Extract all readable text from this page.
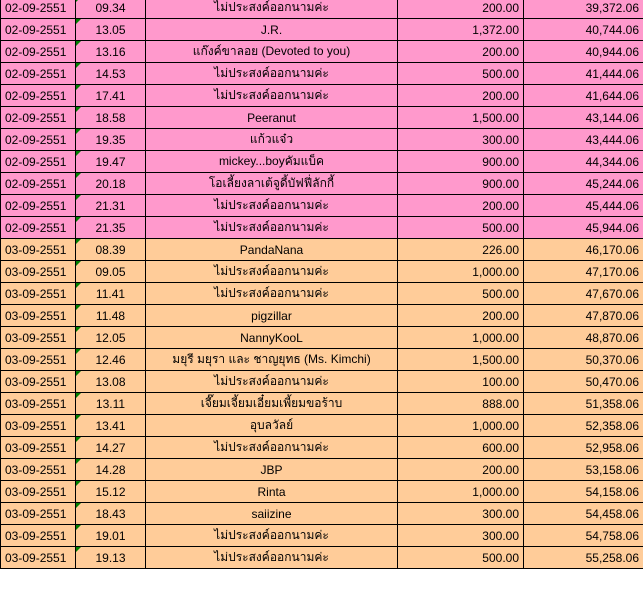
02-09-2551	09.34	ไม่ประสงค์ออกนามค่ะ	200.00	39,372.06
02-09-2551	13.05	J.R.	1,372.00	40,744.06
02-09-2551	13.16	แก๊งค์ขาลอย (Devoted to you)	200.00	40,944.06
02-09-2551	14.53	ไม่ประสงค์ออกนามค่ะ	500.00	41,444.06
02-09-2551	17.41	ไม่ประสงค์ออกนามค่ะ	200.00	41,644.06
02-09-2551	18.58	Peeranut	1,500.00	43,144.06
02-09-2551	19.35	แก้วแจ๋ว	300.00	43,444.06
02-09-2551	19.47	mickey...boyคัมแบ็ค	900.00	44,344.06
02-09-2551	20.18	โอเลี้ยงลาเต้จูดี้บัฟฟี่ลักกี้	900.00	45,244.06
02-09-2551	21.31	ไม่ประสงค์ออกนามค่ะ	200.00	45,444.06
02-09-2551	21.35	ไม่ประสงค์ออกนามค่ะ	500.00	45,944.06
03-09-2551	08.39	PandaNana	226.00	46,170.06
03-09-2551	09.05	ไม่ประสงค์ออกนามค่ะ	1,000.00	47,170.06
03-09-2551	11.41	ไม่ประสงค์ออกนามค่ะ	500.00	47,670.06
03-09-2551	11.48	pigzillar	200.00	47,870.06
03-09-2551	12.05	NannyKooL	1,000.00	48,870.06
03-09-2551	12.46	มยุรี มยุรา และ ชาญยุทธ (Ms. Kimchi)	1,500.00	50,370.06
03-09-2551	13.08	ไม่ประสงค์ออกนามค่ะ	100.00	50,470.06
03-09-2551	13.11	เจี๊ยมเจี้ยมเอี๋ยมเพี้ยมขอร้าบ	888.00	51,358.06
03-09-2551	13.41	อุบลวัลย์	1,000.00	52,358.06
03-09-2551	14.27	ไม่ประสงค์ออกนามค่ะ	600.00	52,958.06
03-09-2551	14.28	JBP	200.00	53,158.06
03-09-2551	15.12	Rinta	1,000.00	54,158.06
03-09-2551	18.43	saiizine	300.00	54,458.06
03-09-2551	19.01	ไม่ประสงค์ออกนามค่ะ	300.00	54,758.06
03-09-2551	19.13	ไม่ประสงค์ออกนามค่ะ	500.00	55,258.06
